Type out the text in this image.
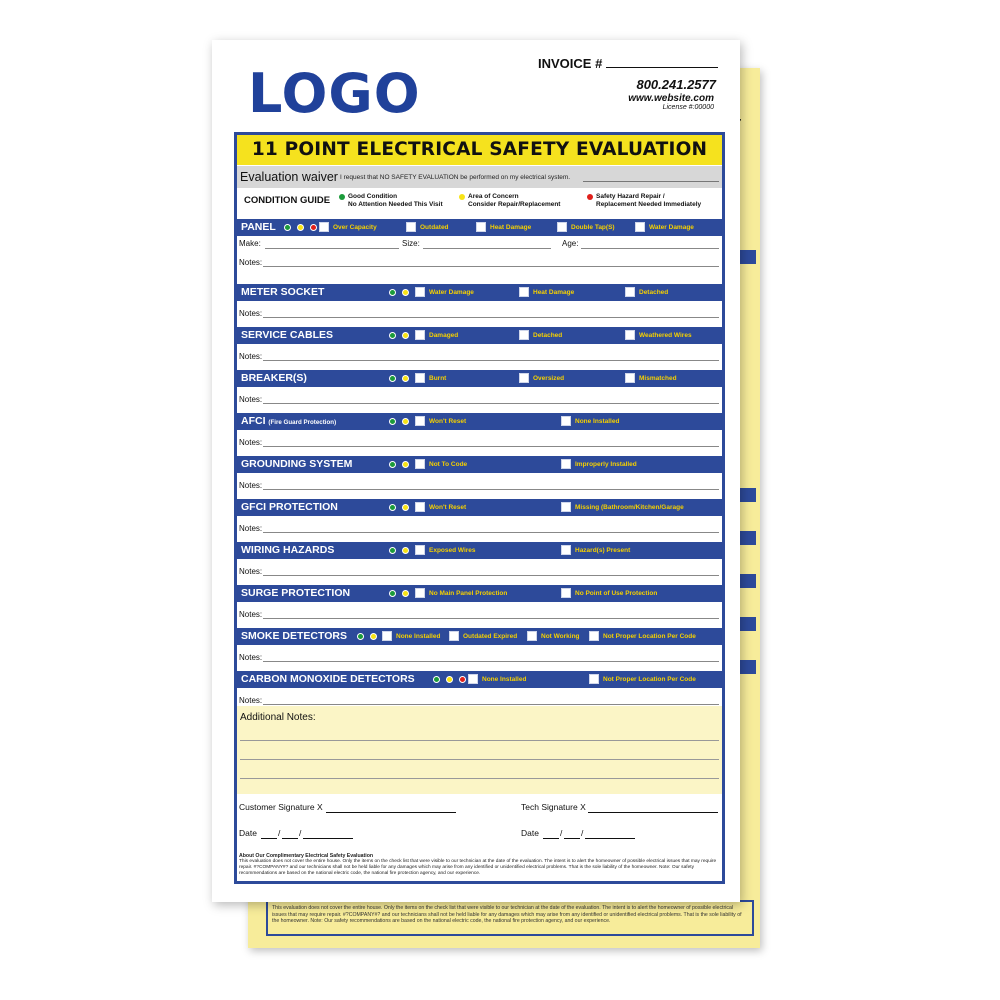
This evaluation does not cover the entire house. Only the items on the check list that were visible to our technician at the date of the evaluation. The intent is to alert the homeowner of possible electrical issues that may require repair. #?COMPANY#? and our technicians shall not be held liable for any damages which may arise from any identified or unidentified electrical problems. That is the sole liability of the homeowner. Note: Our safety recommendations are based on the national electric code, the national fire protection agency, and our experience.
LOGO	INVOICE #
800.241.2577
www.website.com
License #:00000
11 POINT ELECTRICAL SAFETY EVALUATION
Evaluation waiver I request that NO SAFETY EVALUATION be performed on my electrical system.
CONDITION GUIDE	Good Condition
No Attention Needed This Visit
Area of Concern
Consider Repair/Replacement
Safety Hazard Repair /
Replacement Needed Immediately
PANEL	Over Capacity	Outdated	Heat Damage	Double Tap(S)	Water Damage
Notes:
METER SOCKET	Water Damage	Heat Damage	Detached
Notes:
SERVICE CABLES	Damaged	Detached	Weathered Wires
Notes:
BREAKER(S)	Burnt	Oversized	Mismatched
Notes:
AFCI (Fire Guard Protection)	Won't Reset	None Installed
Notes:
GROUNDING SYSTEM	Not To Code	Improperly Installed
Notes:
GFCI PROTECTION	Won't Reset	Missing (Bathroom/Kitchen/Garage
Notes:
WIRING HAZARDS	Exposed Wires	Hazard(s) Present
Notes:
SURGE PROTECTION	No Main Panel Protection	No Point of Use Protection
Notes:
SMOKE DETECTORS	None Installed	Outdated Expired	Not Working	Not Proper Location Per Code
Notes:
CARBON MONOXIDE DETECTORS	None Installed	Not Proper Location Per Code
Notes:
Make:	Size:	Age:
Additional Notes:
Customer Signature X	Tech Signature X
Date / /	Date / /
About Our Complimentary Electrical Safety Evaluation
This evaluation does not cover the entire house. Only the items on the check list that were visible to our technician at the date of the evaluation. The intent is to alert the homeowner of possible electrical issues that may require repair. #?COMPANY#? and our technicians shall not be held liable for any damages which may arise from any identified or unidentified electrical problems. That is the sole liability of the homeowner. Note: Our safety recommendations are based on the national electric code, the national fire protection agency, and our experience.
